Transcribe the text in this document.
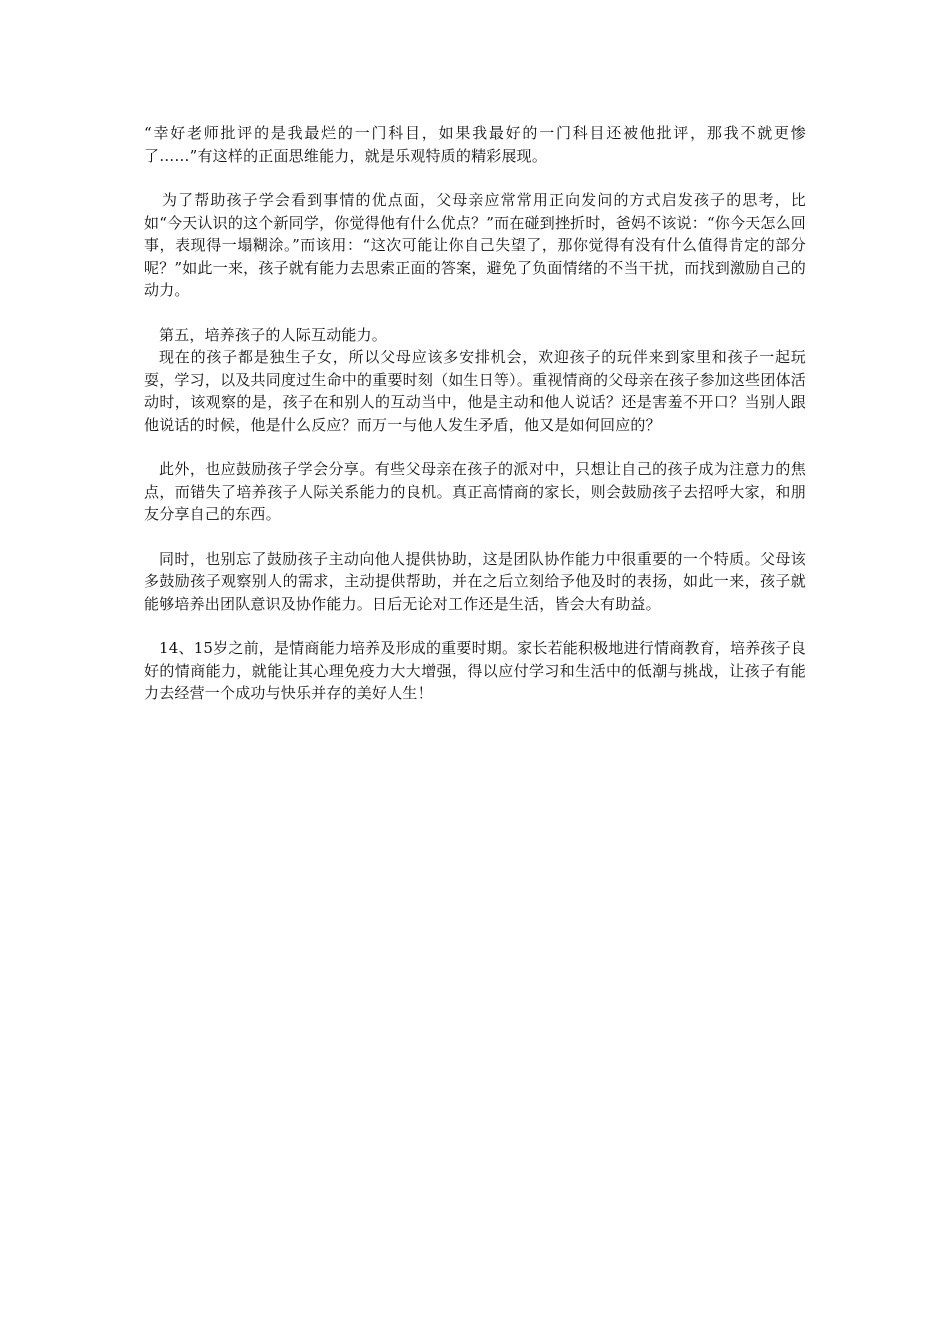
“幸好老师批评的是我最烂的一门科目，如果我最好的一门科目还被他批评，那我不就更惨了……”有这样的正面思维能力，就是乐观特质的精彩展现。

为了帮助孩子学会看到事情的优点面，父母亲应常常用正向发问的方式启发孩子的思考，比如“今天认识的这个新同学，你觉得他有什么优点？”而在碰到挫折时，爸妈不该说：“你今天怎么回事，表现得一塌糊涂。”而该用：“这次可能让你自己失望了，那你觉得有没有什么值得肯定的部分呢？”如此一来，孩子就有能力去思索正面的答案，避免了负面情绪的不当干扰，而找到激励自己的动力。

第五，培养孩子的人际互动能力。

现在的孩子都是独生子女，所以父母应该多安排机会，欢迎孩子的玩伴来到家里和孩子一起玩耍，学习，以及共同度过生命中的重要时刻（如生日等）。重视情商的父母亲在孩子参加这些团体活动时，该观察的是，孩子在和别人的互动当中，他是主动和他人说话？还是害羞不开口？当别人跟他说话的时候，他是什么反应？而万一与他人发生矛盾，他又是如何回应的？

此外，也应鼓励孩子学会分享。有些父母亲在孩子的派对中，只想让自己的孩子成为注意力的焦点，而错失了培养孩子人际关系能力的良机。真正高情商的家长，则会鼓励孩子去招呼大家，和朋友分享自己的东西。

同时，也别忘了鼓励孩子主动向他人提供协助，这是团队协作能力中很重要的一个特质。父母该多鼓励孩子观察别人的需求，主动提供帮助，并在之后立刻给予他及时的表扬，如此一来，孩子就能够培养出团队意识及协作能力。日后无论对工作还是生活，皆会大有助益。

14、15岁之前，是情商能力培养及形成的重要时期。家长若能积极地进行情商教育，培养孩子良好的情商能力，就能让其心理免疫力大大增强，得以应付学习和生活中的低潮与挑战，让孩子有能力去经营一个成功与快乐并存的美好人生！
